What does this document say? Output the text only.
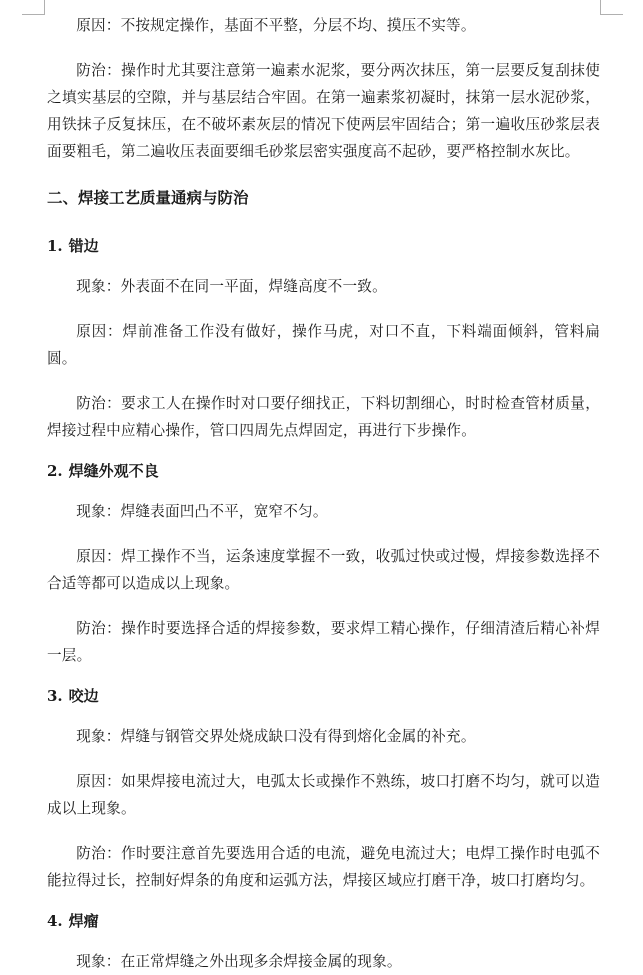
原因：不按规定操作，基面不平整，分层不均、摸压不实等。

防治：操作时尤其要注意第一遍素水泥浆，要分两次抹压，第一层要反复刮抹使之填实基层的空隙，并与基层结合牢固。在第一遍素浆初凝时，抹第一层水泥砂浆，用铁抹子反复抹压，在不破坏素灰层的情况下使两层牢固结合；第一遍收压砂浆层表面要粗毛，第二遍收压表面要细毛砂浆层密实强度高不起砂，要严格控制水灰比。

二、焊接工艺质量通病与防治
1. 错边

现象：外表面不在同一平面，焊缝高度不一致。

原因：焊前准备工作没有做好，操作马虎，对口不直，下料端面倾斜，管料扁圆。

防治：要求工人在操作时对口要仔细找正，下料切割细心，时时检查管材质量，焊接过程中应精心操作，管口四周先点焊固定，再进行下步操作。

2. 焊缝外观不良

现象：焊缝表面凹凸不平，宽窄不匀。

原因：焊工操作不当，运条速度掌握不一致，收弧过快或过慢，焊接参数选择不合适等都可以造成以上现象。

防治：操作时要选择合适的焊接参数，要求焊工精心操作，仔细清渣后精心补焊一层。

3. 咬边

现象：焊缝与钢管交界处烧成缺口没有得到熔化金属的补充。

原因：如果焊接电流过大，电弧太长或操作不熟练，坡口打磨不均匀，就可以造成以上现象。

防治：作时要注意首先要选用合适的电流，避免电流过大；电焊工操作时电弧不能拉得过长，控制好焊条的角度和运弧方法，焊接区域应打磨干净，坡口打磨均匀。

4. 焊瘤

现象：在正常焊缝之外出现多余焊接金属的现象。
